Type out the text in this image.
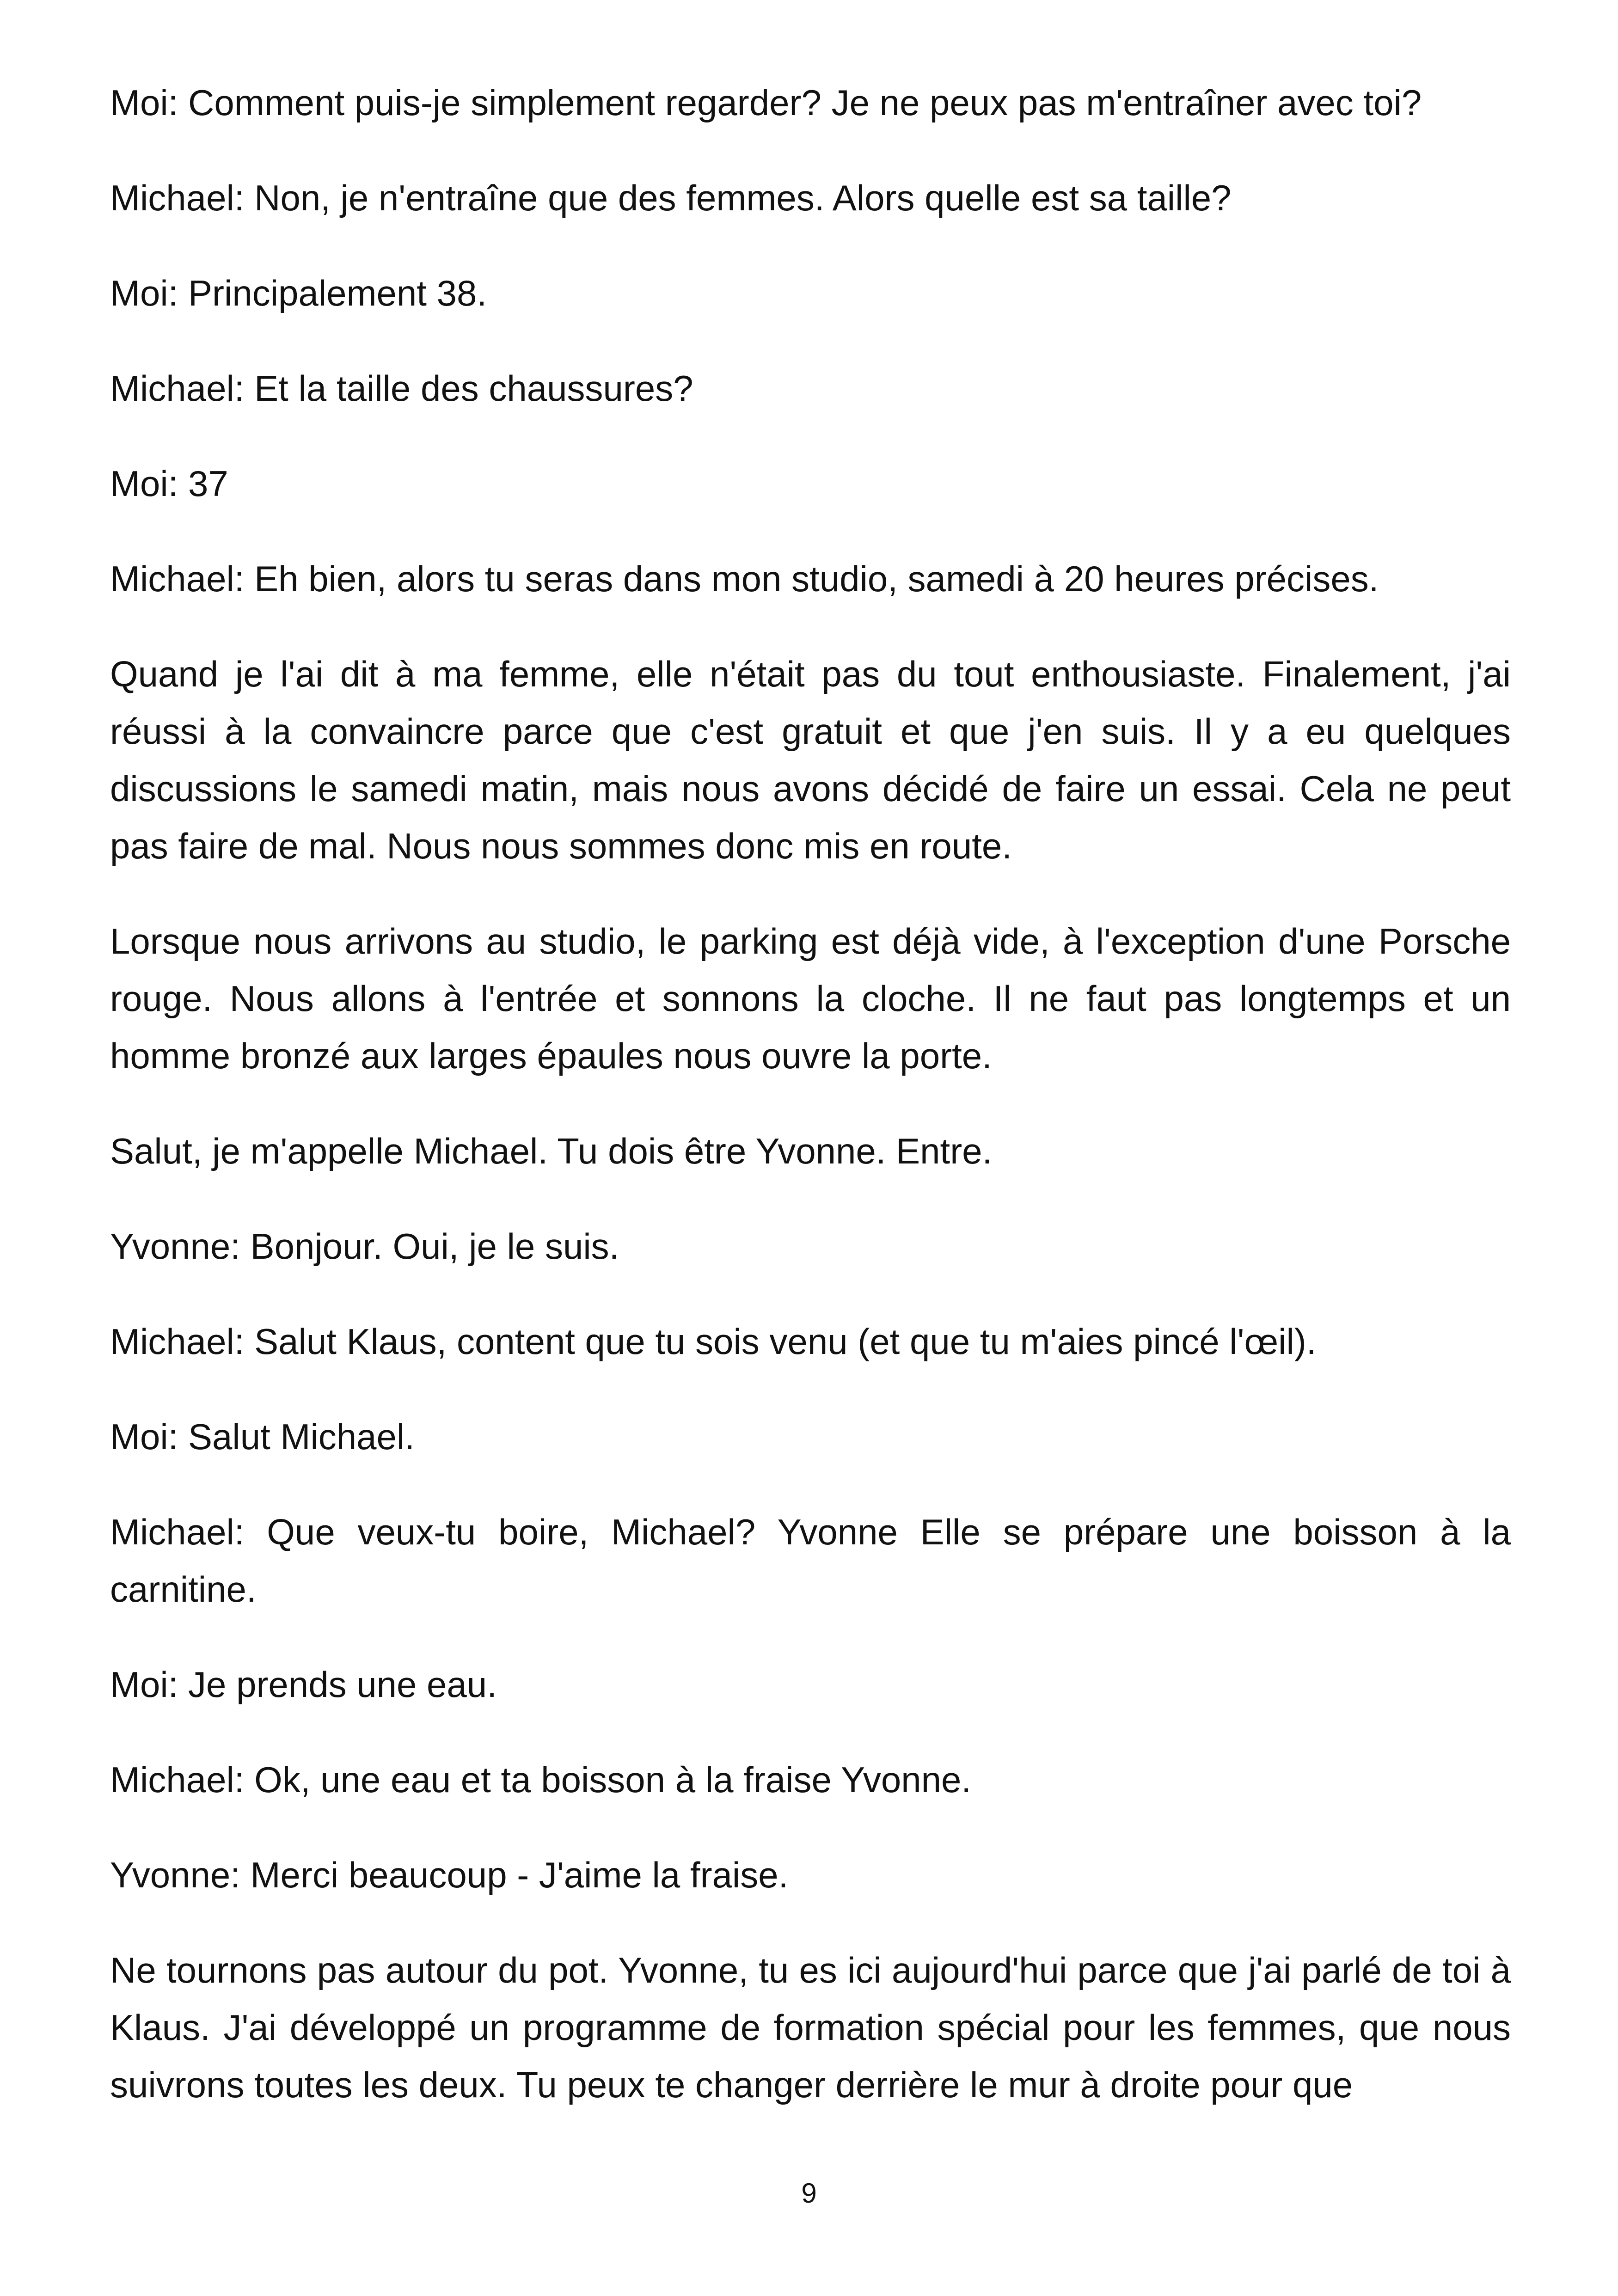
Moi: Comment puis-je simplement regarder? Je ne peux pas m'entraîner avec toi?

Michael: Non, je n'entraîne que des femmes. Alors quelle est sa taille?

Moi: Principalement 38.

Michael: Et la taille des chaussures?

Moi: 37

Michael: Eh bien, alors tu seras dans mon studio, samedi à 20 heures précises.

Quand je l'ai dit à ma femme, elle n'était pas du tout enthousiaste. Finalement, j'ai réussi à la convaincre parce que c'est gratuit et que j'en suis. Il y a eu quelques discussions le samedi matin, mais nous avons décidé de faire un essai. Cela ne peut pas faire de mal. Nous nous sommes donc mis en route.

Lorsque nous arrivons au studio, le parking est déjà vide, à l'exception d'une Porsche rouge. Nous allons à l'entrée et sonnons la cloche. Il ne faut pas longtemps et un homme bronzé aux larges épaules nous ouvre la porte.

Salut, je m'appelle Michael. Tu dois être Yvonne. Entre.

Yvonne: Bonjour. Oui, je le suis.

Michael: Salut Klaus, content que tu sois venu (et que tu m'aies pincé l'œil).

Moi: Salut Michael.

Michael: Que veux-tu boire, Michael? Yvonne Elle se prépare une boisson à la carnitine.

Moi: Je prends une eau.

Michael: Ok, une eau et ta boisson à la fraise Yvonne.

Yvonne: Merci beaucoup - J'aime la fraise.

Ne tournons pas autour du pot. Yvonne, tu es ici aujourd'hui parce que j'ai parlé de toi à Klaus. J'ai développé un programme de formation spécial pour les femmes, que nous suivrons toutes les deux. Tu peux te changer derrière le mur à droite pour que

9
